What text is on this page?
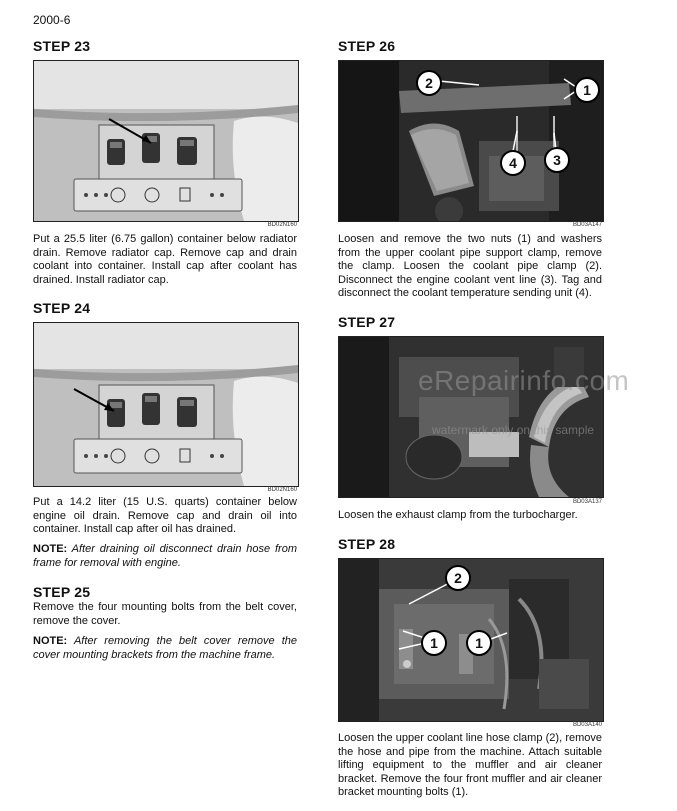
2000-6
STEP 23
BD02N160
Put a 25.5 liter (6.75 gallon) container below radiator drain. Remove radiator cap. Remove cap and drain coolant into container. Install cap after coolant has drained. Install radiator cap.
STEP 24
BD02N160
Put a 14.2 liter (15 U.S. quarts) container below engine oil drain. Remove cap and drain oil into container. Install cap after oil has drained.
NOTE: After draining oil disconnect drain hose from frame for removal with engine.
STEP 25
Remove the four mounting bolts from the belt cover, remove the cover.
NOTE: After removing the belt cover remove the cover mounting brackets from the machine frame.
STEP 26
2	1
3
4
BD03A147
Loosen and remove the two nuts (1) and washers from the upper coolant pipe support clamp, remove the clamp. Loosen the coolant pipe clamp (2). Disconnect the engine coolant vent line (3). Tag and disconnect the coolant temperature sending unit (4).
STEP 27
BD03A137
Loosen the exhaust clamp from the turbocharger.
STEP 28
2
1	1
BD03A140
Loosen the upper coolant line hose clamp (2), remove the hose and pipe from the machine. Attach suitable lifting equipment to the muffler and air cleaner bracket. Remove the four front muffler and air cleaner bracket mounting bolts (1).
eRepairinfo.com
watermark only on this sample
